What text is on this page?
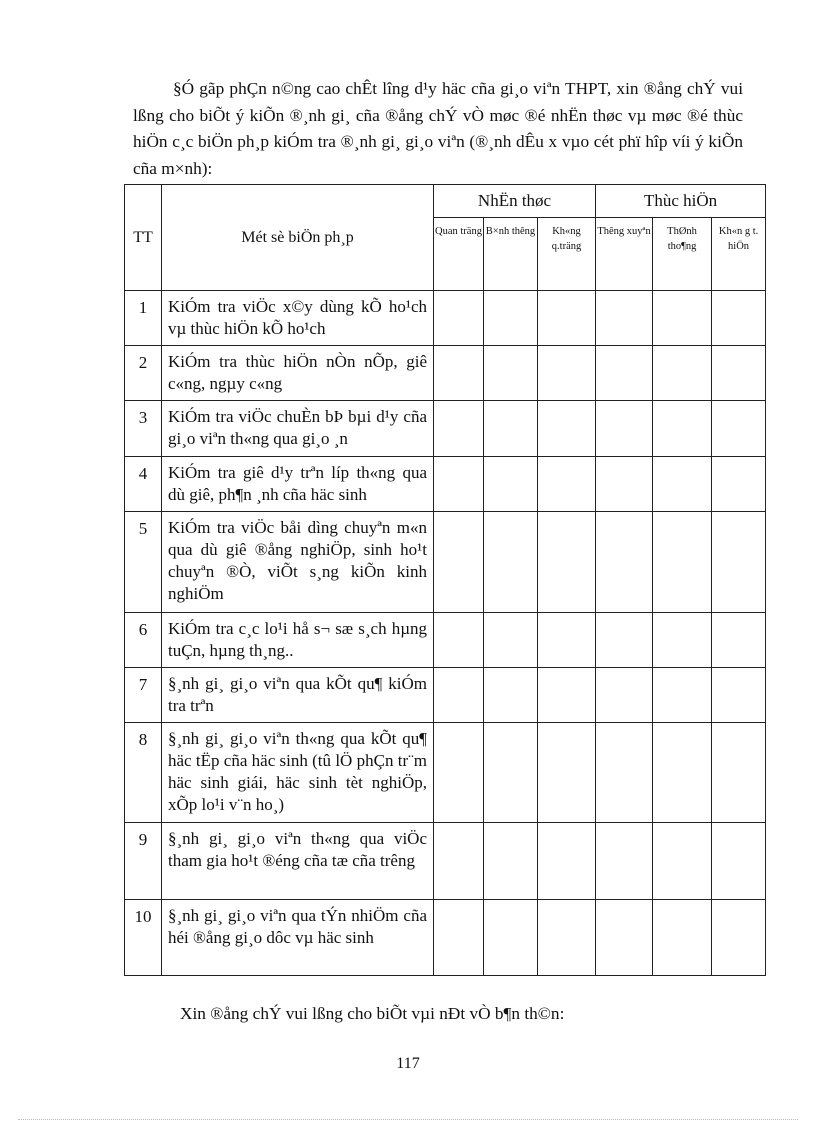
§Ó gãp phÇn n©ng cao chÊt lîng d¹y häc cña gi¸o viªn THPT, xin ®ång chÝ vui lßng cho biÕt ý kiÕn ®¸nh gi¸ cña ®ång chÝ vÒ møc ®é nhËn thøc vµ møc ®é thùc hiÖn c¸c biÖn ph¸p kiÓm tra ®¸nh gi¸ gi¸o viªn (®¸nh dÊu x vµo cét phï hîp víi ý kiÕn cña m×nh):

TT	Mét sè biÖn ph¸p	NhËn thøc			Thùc hiÖn		
		Quan träng	B×nh thêng	Kh«ng q.träng	Thêng xuyªn	ThØnh tho¶ng	Kh«n g t. hiÖn
1	KiÓm tra viÖc x©y dùng kÕ ho¹ch vµ thùc hiÖn kÕ ho¹ch						
2	KiÓm tra thùc hiÖn nÒn nÕp, giê c«ng, ngµy c«ng						
3	KiÓm tra viÖc chuÈn bÞ bµi d¹y cña gi¸o viªn th«ng qua gi¸o ¸n						
4	KiÓm tra giê d¹y trªn líp th«ng qua dù giê, ph¶n ¸nh cña häc sinh						
5	KiÓm tra viÖc båi dìng chuyªn m«n qua dù giê ®ång nghiÖp, sinh ho¹t chuyªn ®Ò, viÕt s¸ng kiÕn kinh nghiÖm						
6	KiÓm tra c¸c lo¹i hå s¬ sæ s¸ch hµng tuÇn, hµng th¸ng..						
7	§¸nh gi¸ gi¸o viªn qua kÕt qu¶ kiÓm tra trªn						
8	§¸nh gi¸ gi¸o viªn th«ng qua kÕt qu¶ häc tËp cña häc sinh (tû lÖ phÇn tr¨m häc sinh giái, häc sinh tèt nghiÖp, xÕp lo¹i v¨n ho¸)						
9	§¸nh gi¸ gi¸o viªn th«ng qua viÖc tham gia ho¹t ®éng cña tæ cña trêng						
10	§¸nh gi¸ gi¸o viªn qua tÝn nhiÖm cña héi ®ång gi¸o dôc vµ häc sinh						

Xin ®ång chÝ vui lßng cho biÕt vµi nÐt vÒ b¶n th©n:

117
